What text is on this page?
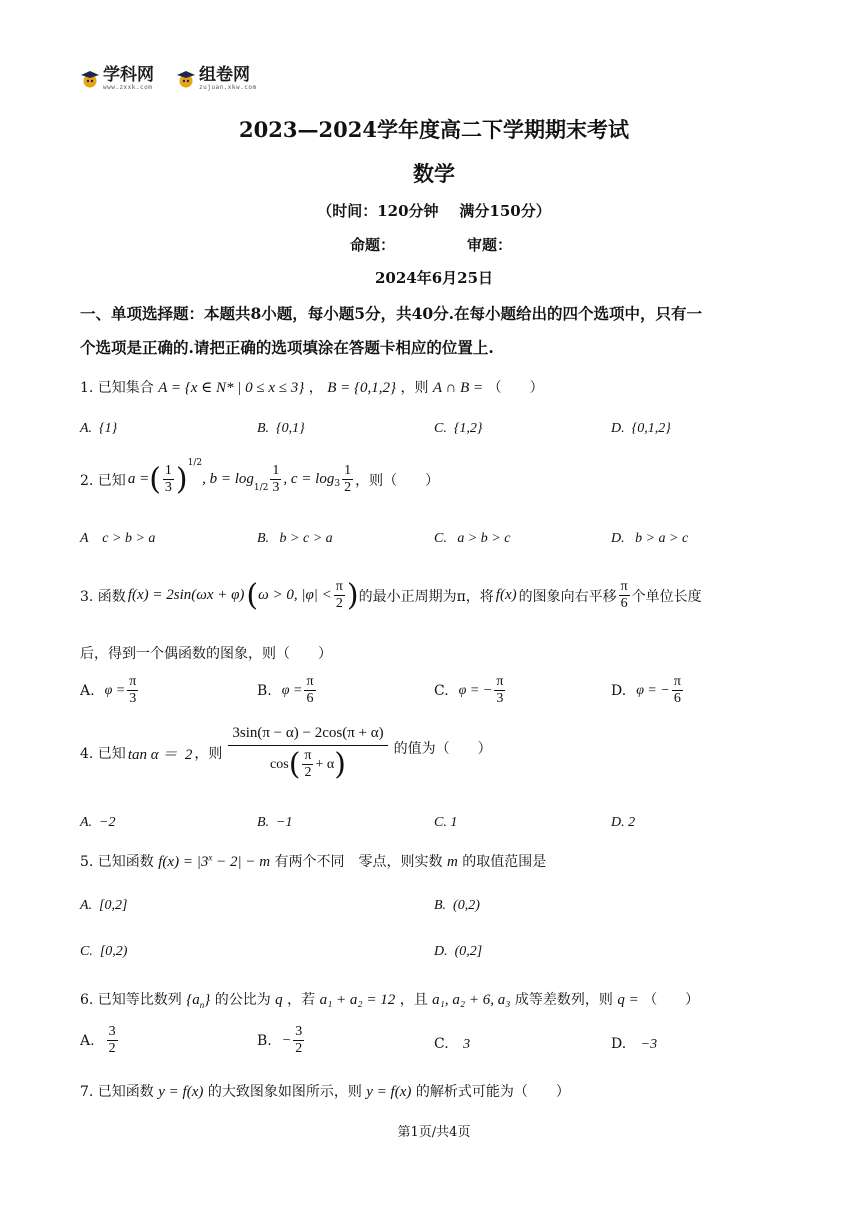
学科网
www.zxxk.com
组卷网
zujuan.xkw.com
2023—2024学年度高二下学期期末考试
数学
（时间：120分钟    满分150分）
命题：	审题：
2024年6月25日
一、单项选择题：本题共8小题，每小题5分，共40分.在每小题给出的四个选项中，只有一
个选项是正确的.请把正确的选项填涂在答题卡相应的位置上.
1. 已知集合 A = {x ∈ N* | 0 ≤ x ≤ 3} ， B = {0,1,2} ，则 A ∩ B = （　　）
A.  {1}	B.  {0,1}	C.  {1,2}	D.  {0,1,2}
2. 已知 a = ( $\frac{1}{3}$ ) 1/2
, b = log
$1/2 \frac{1}{3}$ , $c = \log 3 \frac{1}{2}$ ，则（　　）
A    c > b > a	B.   b > c > a	C.   a > b > c	D.   b > a > c
3. 函数 f(x) = 2sin(ωx + φ) ( ω > 0, $|\varphi| < \frac{\pi}{2}$ ) 的最小正周期为π，将 f(x) 的图象向右平移 $\frac{\pi}{6}$ 个单位长度
后，得到一个偶函数的图象，则（　　）
A. $\varphi = \frac{\pi}{3}$	B. $\varphi = \frac{\pi}{6}$	C. φ = − $\frac{\pi}{3}$	D. φ = − $\frac{\pi}{6}$
4. 已知 tan α ＝  2 ，则 $\frac{3\sin(\pi - \alpha) - 2\cos(\pi + \alpha)}{\cos ( \frac{\pi}{2} + \alpha )}$ 的值为（　　）
A.  −2	B.  −1	C. 1	D. 2
5. 已知函数 $f(x) = |3^x - 2| - m$ 有两个不同　零点，则实数 m 的取值范围是
A.  [0,2]	B.  (0,2)
C.  [0,2)	D.  (0,2]
6. 已知等比数列 $\{a_n\}$ 的公比为 q ，若 a₁ + a₂ = 12 ，且 a₁, a₂ + 6, a₃ 成等差数列，则 q = （　　）
A. $\frac{3}{2}$	B. − $\frac{3}{2}$	C. 3	D. −3
7. 已知函数 y = f(x) 的大致图象如图所示，则 y = f(x) 的解析式可能为（　　）
第1页/共4页
